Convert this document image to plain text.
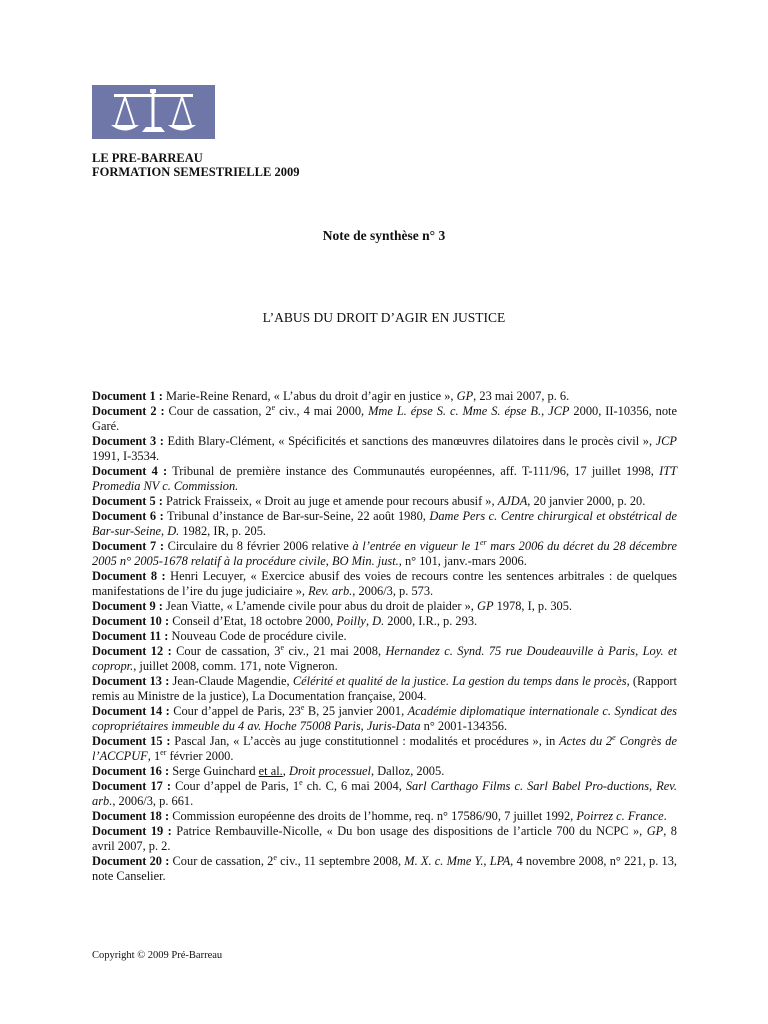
LE PRE-BARREAU
FORMATION SEMESTRIELLE 2009
Note de synthèse n° 3
L’ABUS DU DROIT D’AGIR EN JUSTICE

Document 1 : Marie-Reine Renard, « L’abus du droit d’agir en justice », GP, 23 mai 2007, p. 6.

Document 2 : Cour de cassation, 2e civ., 4 mai 2000, Mme L. épse S. c. Mme S. épse B., JCP 2000, II-10356, note Garé.

Document 3 : Edith Blary-Clément, « Spécificités et sanctions des manœuvres dilatoires dans le procès civil », JCP 1991, I-3534.

Document 4 : Tribunal de première instance des Communautés européennes, aff. T-111/96, 17 juillet 1998, ITT Promedia NV c. Commission.

Document 5 : Patrick Fraisseix, « Droit au juge et amende pour recours abusif », AJDA, 20 janvier 2000, p. 20.

Document 6 : Tribunal d’instance de Bar-sur-Seine, 22 août 1980, Dame Pers c. Centre chirurgical et obstétrical de Bar-sur-Seine, D. 1982, IR, p. 205.

Document 7 : Circulaire du 8 février 2006 relative à l’entrée en vigueur le 1er mars 2006 du décret du 28 décembre 2005 n° 2005-1678 relatif à la procédure civile, BO Min. just., n° 101, janv.-mars 2006.

Document 8 : Henri Lecuyer, « Exercice abusif des voies de recours contre les sentences arbitrales : de quelques manifestations de l’ire du juge judiciaire », Rev. arb., 2006/3, p. 573.

Document 9 : Jean Viatte, « L’amende civile pour abus du droit de plaider », GP 1978, I, p. 305.

Document 10 : Conseil d’Etat, 18 octobre 2000, Poilly, D. 2000, I.R., p. 293.

Document 11 : Nouveau Code de procédure civile.

Document 12 : Cour de cassation, 3e civ., 21 mai 2008, Hernandez c. Synd. 75 rue Doudeauville à Paris, Loy. et copropr., juillet 2008, comm. 171, note Vigneron.

Document 13 : Jean-Claude Magendie, Célérité et qualité de la justice. La gestion du temps dans le procès, (Rapport remis au Ministre de la justice), La Documentation française, 2004.

Document 14 : Cour d’appel de Paris, 23e B, 25 janvier 2001, Académie diplomatique internationale c. Syndicat des copropriétaires immeuble du 4 av. Hoche 75008 Paris, Juris-Data n° 2001-134356.

Document 15 : Pascal Jan, « L’accès au juge constitutionnel : modalités et procédures », in Actes du 2e Congrès de l’ACCPUF, 1er février 2000.

Document 16 : Serge Guinchard et al., Droit processuel, Dalloz, 2005.

Document 17 : Cour d’appel de Paris, 1e ch. C, 6 mai 2004, Sarl Carthago Films c. Sarl Babel Pro-ductions, Rev. arb., 2006/3, p. 661.

Document 18 : Commission européenne des droits de l’homme, req. n° 17586/90, 7 juillet 1992, Poirrez c. France.

Document 19 : Patrice Rembauville-Nicolle, « Du bon usage des dispositions de l’article 700 du NCPC », GP, 8 avril 2007, p. 2.

Document 20 : Cour de cassation, 2e civ., 11 septembre 2008, M. X. c. Mme Y., LPA, 4 novembre 2008, n° 221, p. 13, note Canselier.

Copyright © 2009 Pré-Barreau
